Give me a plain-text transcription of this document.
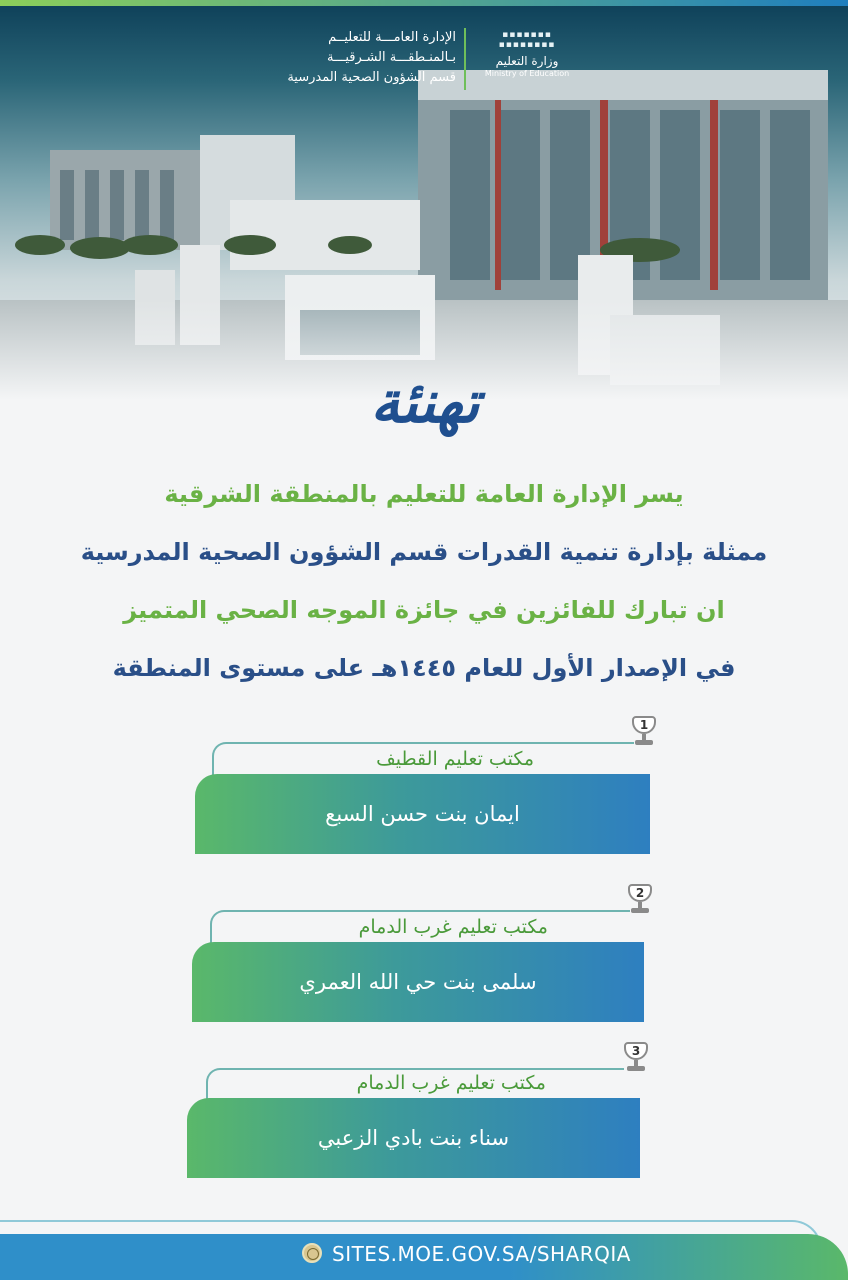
الإدارة العامـــة للتعليــم
بـالمنـطقـــة الشـرقيـــة
قسم الشؤون الصحية المدرسية
▪▪▪▪▪▪▪
▪▪▪▪▪▪▪▪
وزارة التعليم
Ministry of Education
تهنئة
يسر الإدارة العامة للتعليم بالمنطقة الشرقية
ممثلة بإدارة تنمية القدرات قسم الشؤون الصحية المدرسية
ان تبارك للفائزين في جائزة الموجه الصحي المتميز
في الإصدار الأول للعام ١٤٤٥هـ على مستوى المنطقة
1
مكتب تعليم القطيف
ايمان بنت حسن السبع
2
مكتب تعليم غرب الدمام
سلمى بنت حي الله العمري
3
مكتب تعليم غرب الدمام
سناء بنت بادي الزعبي
SITES.MOE.GOV.SA/SHARQIA
